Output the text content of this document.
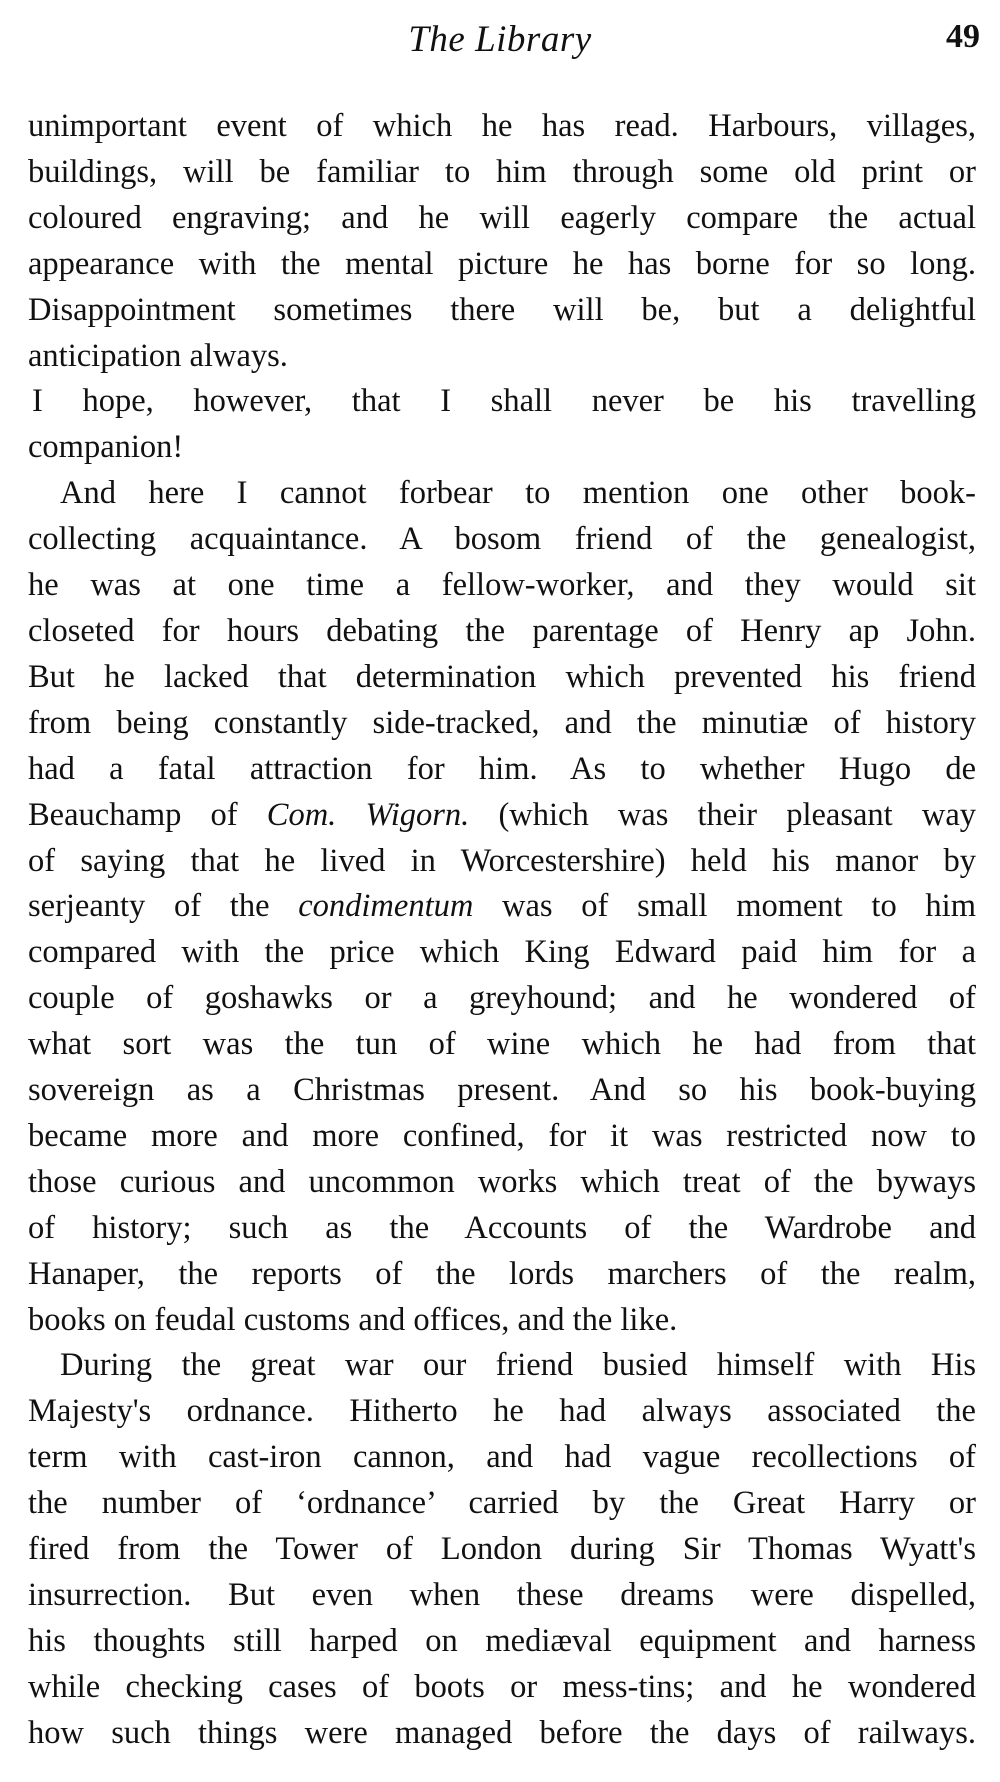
The Library	49
unimportant event of which he has read. Harbours, villages,
buildings, will be familiar to him through some old print or
coloured engraving; and he will eagerly compare the actual
appearance with the mental picture he has borne for so long.
Disappointment sometimes there will be, but a delightful
anticipation always.
I hope, however, that I shall never be his travelling
companion!
And here I cannot forbear to mention one other book-
collecting acquaintance. A bosom friend of the genealogist,
he was at one time a fellow-worker, and they would sit
closeted for hours debating the parentage of Henry ap John.
But he lacked that determination which prevented his friend
from being constantly side-tracked, and the minutiæ of history
had a fatal attraction for him. As to whether Hugo de
Beauchamp of Com. Wigorn. (which was their pleasant way
of saying that he lived in Worcestershire) held his manor by
serjeanty of the condimentum was of small moment to him
compared with the price which King Edward paid him for a
couple of goshawks or a greyhound; and he wondered of
what sort was the tun of wine which he had from that
sovereign as a Christmas present. And so his book-buying
became more and more confined, for it was restricted now to
those curious and uncommon works which treat of the byways
of history; such as the Accounts of the Wardrobe and
Hanaper, the reports of the lords marchers of the realm,
books on feudal customs and offices, and the like.
During the great war our friend busied himself with His
Majesty's ordnance. Hitherto he had always associated the
term with cast-iron cannon, and had vague recollections of
the number of ‘ordnance’ carried by the Great Harry or
fired from the Tower of London during Sir Thomas Wyatt's
insurrection. But even when these dreams were dispelled,
his thoughts still harped on mediæval equipment and harness
while checking cases of boots or mess-tins; and he wondered
how such things were managed before the days of railways.
